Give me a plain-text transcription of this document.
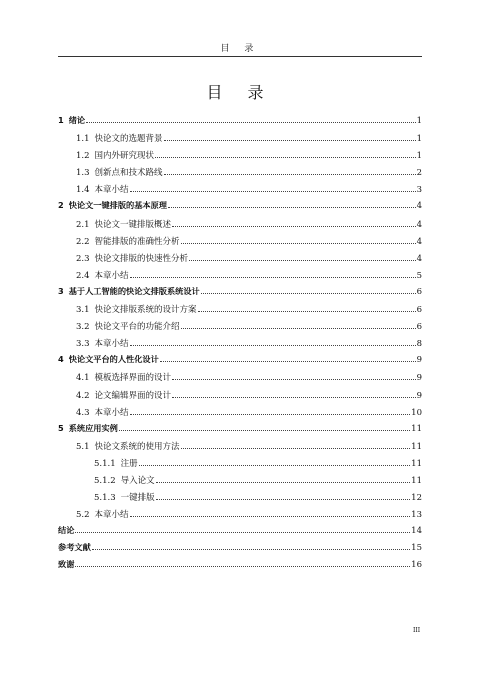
目 录
目 录
1 绪论	1
1.1 快论文的选题背景	1
1.2 国内外研究现状	1
1.3 创新点和技术路线	2
1.4 本章小结	3
2 快论文一键排版的基本原理	4
2.1 快论文一键排版概述	4
2.2 智能排版的准确性分析	4
2.3 快论文排版的快速性分析	4
2.4 本章小结	5
3 基于人工智能的快论文排版系统设计	6
3.1 快论文排版系统的设计方案	6
3.2 快论文平台的功能介绍	6
3.3 本章小结	8
4 快论文平台的人性化设计	9
4.1 模板选择界面的设计	9
4.2 论文编辑界面的设计	9
4.3 本章小结	10
5 系统应用实例	11
5.1 快论文系统的使用方法	11
5.1.1 注册	11
5.1.2 导入论文	11
5.1.3 一键排版	12
5.2 本章小结	13
结论	14
参考文献	15
致谢	16
III
